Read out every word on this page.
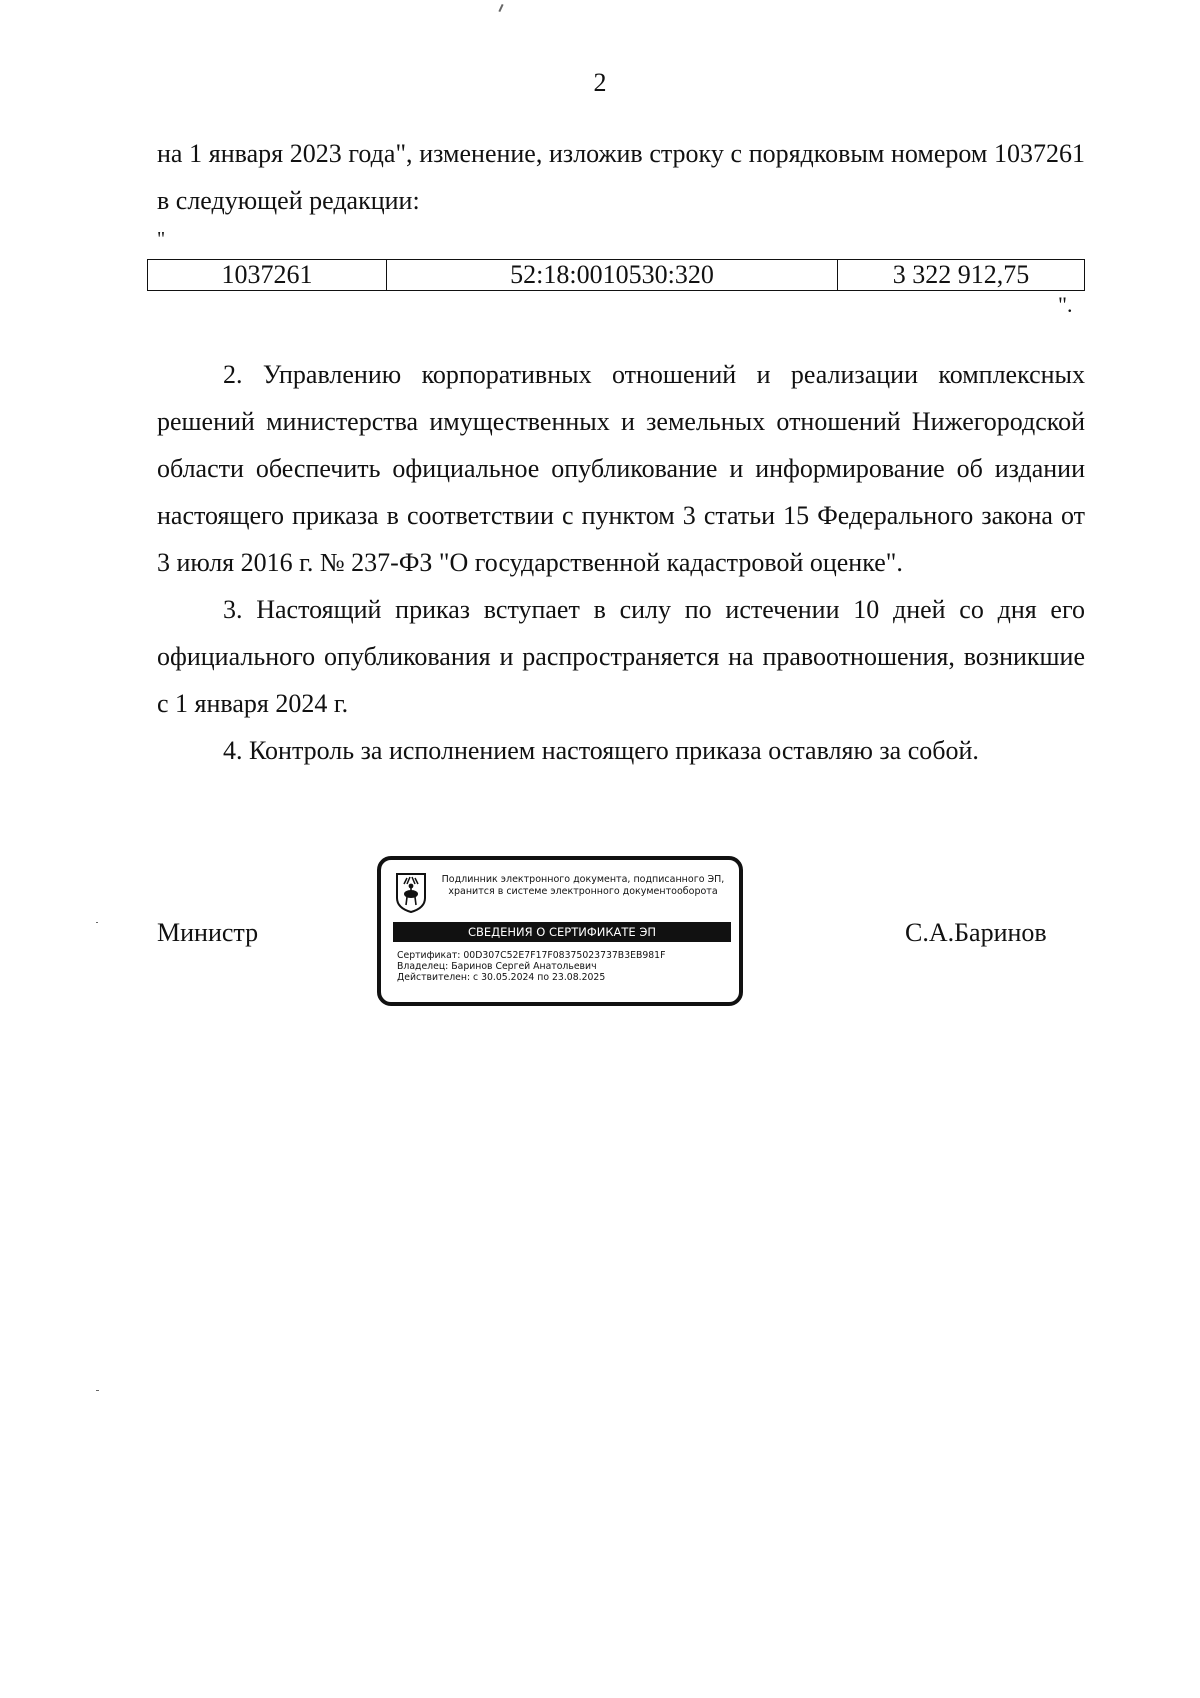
2

на 1 января 2023 года", изменение, изложив строку с порядковым номером 1037261 в следующей редакции:

"
1037261	52:18:0010530:320	3 322 912,75
".

2. Управлению корпоративных отношений и реализации комплексных решений министерства имущественных и земельных отношений Нижегородской области обеспечить официальное опубликование и информирование об издании настоящего приказа в соответствии с пунктом 3 статьи 15 Федерального закона от 3 июля 2016 г. № 237-ФЗ "О государственной кадастровой оценке".

3. Настоящий приказ вступает в силу по истечении 10 дней со дня его официального опубликования и распространяется на правоотношения, возникшие с 1 января 2024 г.

4. Контроль за исполнением настоящего приказа оставляю за собой.

Министр	С.А.Баринов
Подлинник электронного документа, подписанного ЭП,
хранится в системе электронного документооборота
СВЕДЕНИЯ О СЕРТИФИКАТЕ ЭП
Сертификат: 00D307C52E7F17F08375023737B3EB981F
Владелец: Баринов Сергей Анатольевич
Действителен: с 30.05.2024 по 23.08.2025
